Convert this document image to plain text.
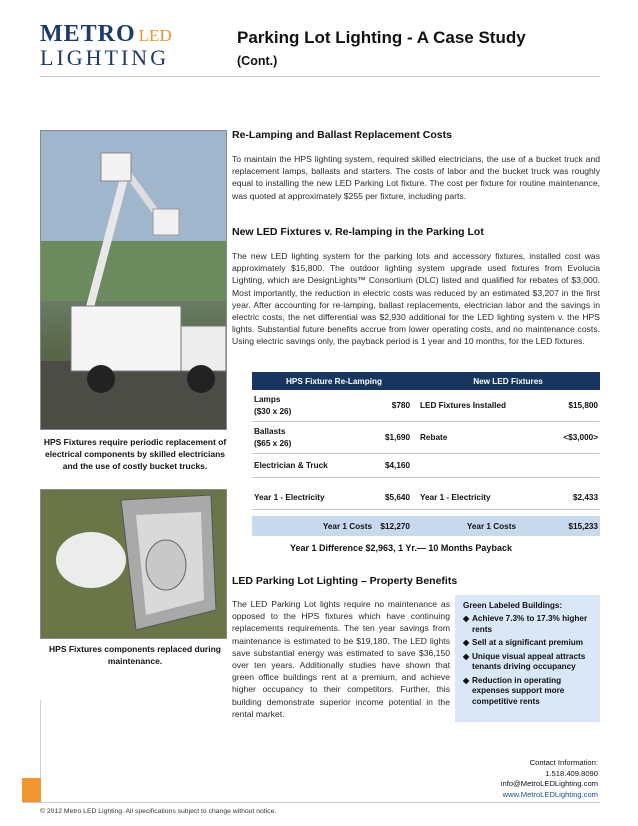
METRO LED
LIGHTING
Parking Lot Lighting - A Case Study
(Cont.)
HPS Fixtures require periodic replacement of electrical components by skilled electricians and the use of costly bucket trucks.
HPS Fixtures components replaced during maintenance.
Re-Lamping and Ballast Replacement Costs
To maintain the HPS lighting system, required skilled electricians, the use of a bucket truck and replacement lamps, ballasts and starters. The costs of labor and the bucket truck was roughly equal to installing the new LED Parking Lot fixture. The cost per fixture for routine maintenance, was quoted at approximately $255 per fixture, including parts.
New LED Fixtures v. Re-lamping in the Parking Lot
The new LED lighting system for the parking lots and accessory fixtures, installed cost was approximately $15,800. The outdoor lighting system upgrade used fixtures from Evolucia Lighting, which are DesignLights™ Consortium (DLC) listed and qualified for rebates of $3,000. Most importantly, the reduction in electric costs was reduced by an estimated $3,207 in the first year. After accounting for re-lamping, ballast replacements, electrician labor and the savings in electric costs, the net differential was $2,930 additional for the LED lighting system v. the HPS lights. Substantial future benefits accrue from lower operating costs, and no maintenance costs. Using electric savings only, the payback period is 1 year and 10 months, for the LED fixtures.
HPS Fixture Re-Lamping	New LED Fixtures
Lamps
($30 x 26)
$780	LED Fixtures Installed	$15,800
Ballasts
($65 x 26)
$1,690	Rebate	<$3,000>
Electrician & Truck	$4,160
Year 1 - Electricity	$5,640	Year 1 - Electricity	$2,433
Year 1 Costs	$12,270	Year 1 Costs	$15,233
Year 1 Difference $2,963, 1 Yr.— 10 Months Payback
LED Parking Lot Lighting – Property Benefits
The LED Parking Lot lights require no maintenance as opposed to the HPS fixtures which have continuing replacements requirements. The ten year savings from maintenance is estimated to be $19,180. The LED lights save substantial energy was estimated to save $36,150 over ten years. Additionally studies have shown that green office buildings rent at a premium, and achieve higher occupancy to their competitors. Further, this building demonstrate superior income potential in the rental market.
Green Labeled Buildings:
◆ Achieve 7.3% to 17.3% higher rents
◆ Sell at a significant premium
◆ Unique visual appeal attracts tenants driving occupancy
◆ Reduction in operating expenses support more competitive rents
Contact Information:
1.518.409.8090
info@MetroLEDLighting.com
www.MetroLEDLighting.com
© 2012 Metro LED Lighting. All specifications subject to change without notice.
